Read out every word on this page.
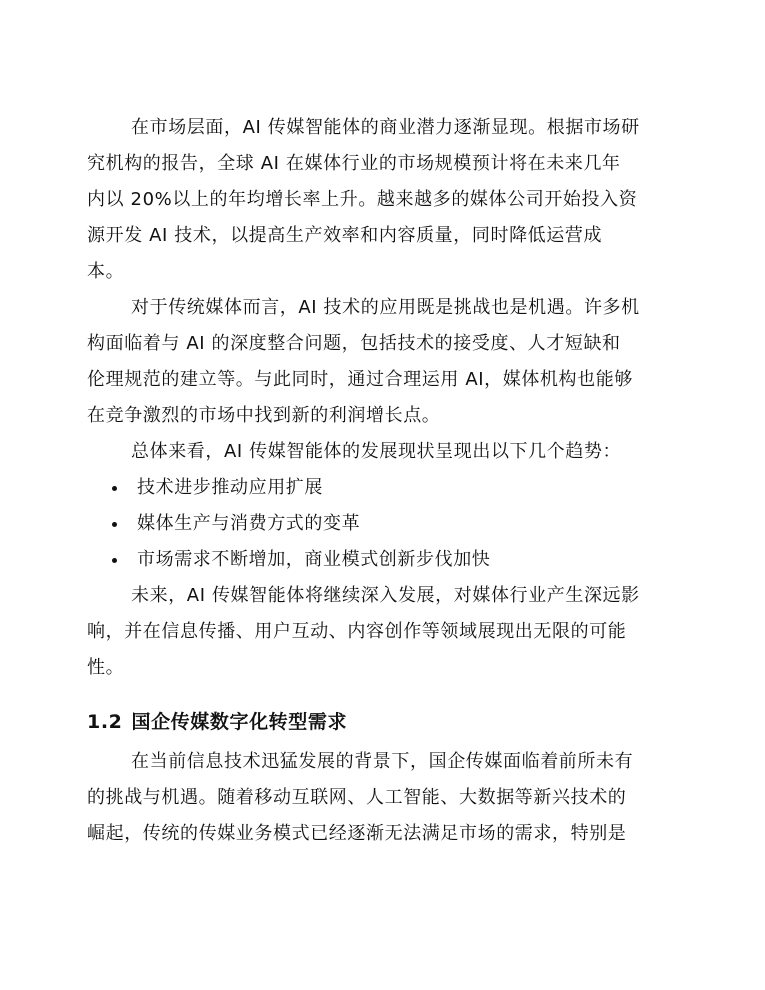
在市场层面，AI 传媒智能体的商业潜力逐渐显现。根据市场研
究机构的报告，全球 AI 在媒体行业的市场规模预计将在未来几年
内以 20%以上的年均增长率上升。越来越多的媒体公司开始投入资
源开发 AI 技术，以提高生产效率和内容质量，同时降低运营成
本。

对于传统媒体而言，AI 技术的应用既是挑战也是机遇。许多机
构面临着与 AI 的深度整合问题，包括技术的接受度、人才短缺和
伦理规范的建立等。与此同时，通过合理运用 AI，媒体机构也能够
在竞争激烈的市场中找到新的利润增长点。

总体来看，AI 传媒智能体的发展现状呈现出以下几个趋势：

技术进步推动应用扩展
媒体生产与消费方式的变革
市场需求不断增加，商业模式创新步伐加快

未来，AI 传媒智能体将继续深入发展，对媒体行业产生深远影
响，并在信息传播、用户互动、内容创作等领域展现出无限的可能
性。

1.2 国企传媒数字化转型需求

在当前信息技术迅猛发展的背景下，国企传媒面临着前所未有
的挑战与机遇。随着移动互联网、人工智能、大数据等新兴技术的
崛起，传统的传媒业务模式已经逐渐无法满足市场的需求，特别是
